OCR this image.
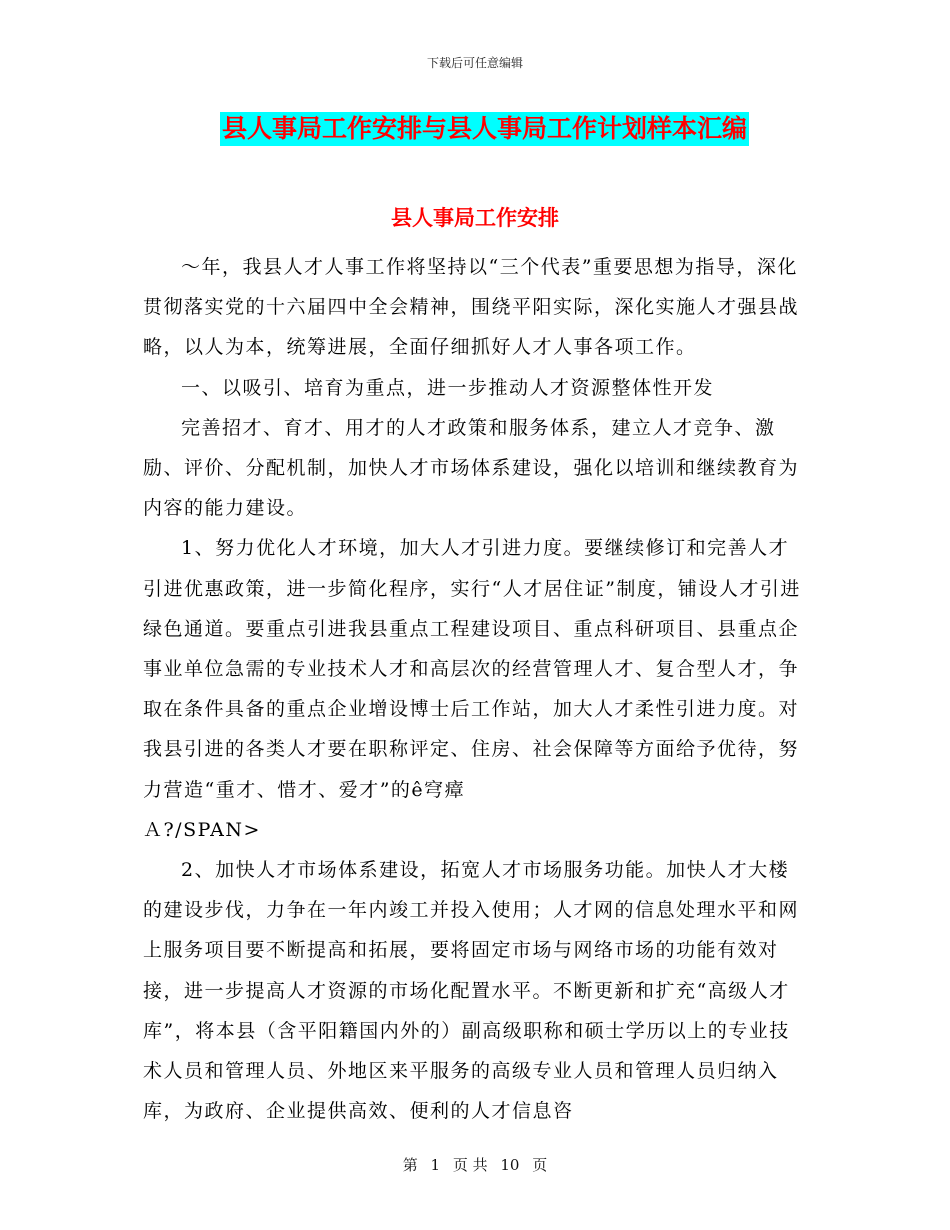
下载后可任意编辑
县人事局工作安排与县人事局工作计划样本汇编
县人事局工作安排

～年，我县人才人事工作将坚持以“三个代表”重要思想为指导，深化贯彻落实党的十六届四中全会精神，围绕平阳实际，深化实施人才强县战略，以人为本，统筹进展，全面仔细抓好人才人事各项工作。

一、以吸引、培育为重点，进一步推动人才资源整体性开发

完善招才、育才、用才的人才政策和服务体系，建立人才竞争、激励、评价、分配机制，加快人才市场体系建设，强化以培训和继续教育为内容的能力建设。

1、努力优化人才环境，加大人才引进力度。要继续修订和完善人才引进优惠政策，进一步简化程序，实行“人才居住证”制度，铺设人才引进绿色通道。要重点引进我县重点工程建设项目、重点科研项目、县重点企事业单位急需的专业技术人才和高层次的经营管理人才、复合型人才，争取在条件具备的重点企业增设博士后工作站，加大人才柔性引进力度。对我县引进的各类人才要在职称评定、住房、社会保障等方面给予优待，努力营造“重才、惜才、爱才”的ê穹瘴

Ａ?/SPAN>

2、加快人才市场体系建设，拓宽人才市场服务功能。加快人才大楼的建设步伐，力争在一年内竣工并投入使用；人才网的信息处理水平和网上服务项目要不断提高和拓展，要将固定市场与网络市场的功能有效对接，进一步提高人才资源的市场化配置水平。不断更新和扩充“高级人才库”，将本县（含平阳籍国内外的）副高级职称和硕士学历以上的专业技术人员和管理人员、外地区来平服务的高级专业人员和管理人员归纳入库，为政府、企业提供高效、便利的人才信息咨

第 1 页 共 10 页
